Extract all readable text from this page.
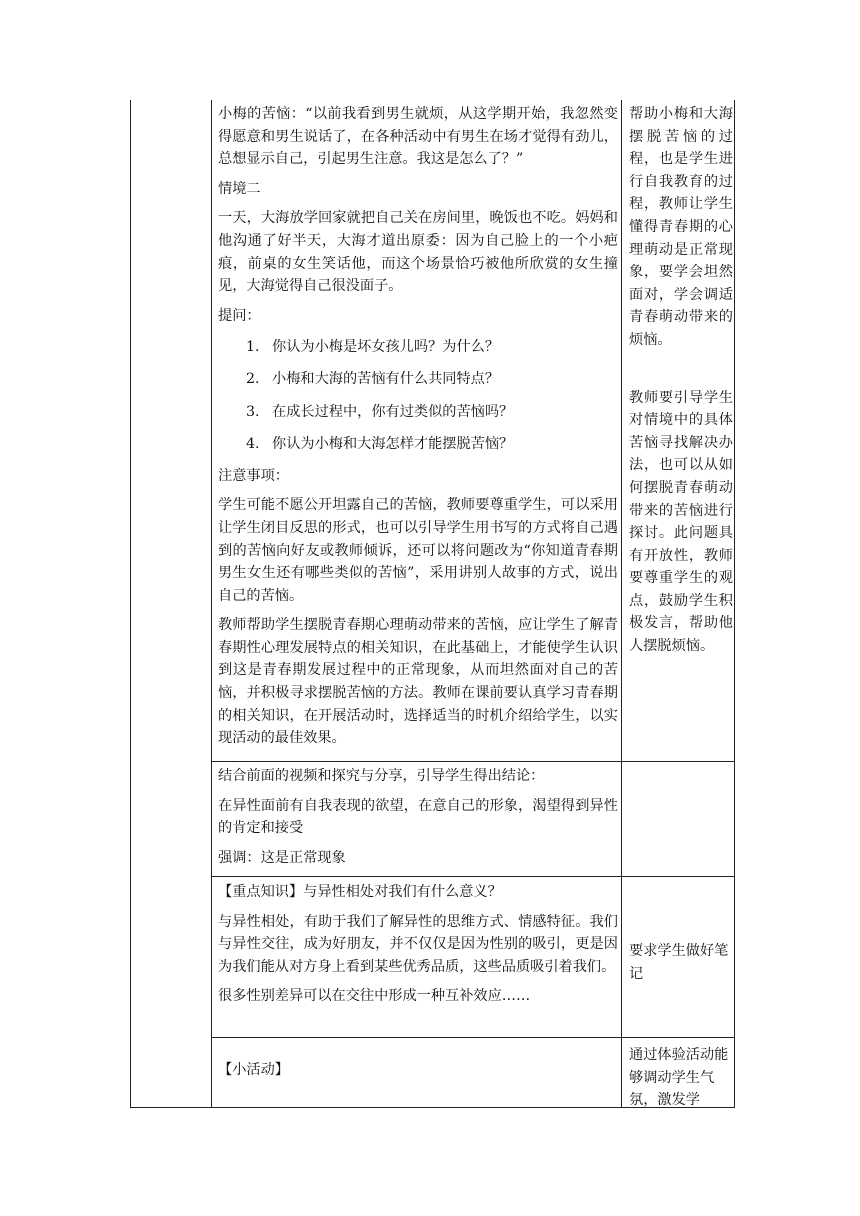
小梅的苦恼：“以前我看到男生就烦，从这学期开始，我忽然变得愿意和男生说话了，在各种活动中有男生在场才觉得有劲儿，总想显示自己，引起男生注意。我这是怎么了？”

情境二

一天，大海放学回家就把自己关在房间里，晚饭也不吃。妈妈和他沟通了好半天，大海才道出原委：因为自己脸上的一个小疤痕，前桌的女生笑话他，而这个场景恰巧被他所欣赏的女生撞见，大海觉得自己很没面子。

提问：

1. 你认为小梅是坏女孩儿吗？为什么？
2. 小梅和大海的苦恼有什么共同特点？
3. 在成长过程中，你有过类似的苦恼吗？
4. 你认为小梅和大海怎样才能摆脱苦恼？

注意事项：

学生可能不愿公开坦露自己的苦恼，教师要尊重学生，可以采用让学生闭目反思的形式，也可以引导学生用书写的方式将自己遇到的苦恼向好友或教师倾诉，还可以将问题改为“你知道青春期男生女生还有哪些类似的苦恼”，采用讲别人故事的方式，说出自己的苦恼。

教师帮助学生摆脱青春期心理萌动带来的苦恼，应让学生了解青春期性心理发展特点的相关知识，在此基础上，才能使学生认识到这是青春期发展过程中的正常现象，从而坦然面对自己的苦恼，并积极寻求摆脱苦恼的方法。教师在课前要认真学习青春期的相关知识，在开展活动时，选择适当的时机介绍给学生，以实现活动的最佳效果。

帮助小梅和大海摆脱苦恼的过程，也是学生进行自我教育的过程，教师让学生懂得青春期的心理萌动是正常现象，要学会坦然面对，学会调适青春萌动带来的烦恼。

教师要引导学生对情境中的具体苦恼寻找解决办法，也可以从如何摆脱青春萌动带来的苦恼进行探讨。此问题具有开放性，教师要尊重学生的观点，鼓励学生积极发言，帮助他人摆脱烦恼。

结合前面的视频和探究与分享，引导学生得出结论：

在异性面前有自我表现的欲望，在意自己的形象，渴望得到异性的肯定和接受

强调：这是正常现象

【重点知识】与异性相处对我们有什么意义？

与异性相处，有助于我们了解异性的思维方式、情感特征。我们与异性交往，成为好朋友，并不仅仅是因为性别的吸引，更是因为我们能从对方身上看到某些优秀品质，这些品质吸引着我们。

很多性别差异可以在交往中形成一种互补效应……

要求学生做好笔记
【小活动】
通过体验活动能够调动学生气氛，激发学
